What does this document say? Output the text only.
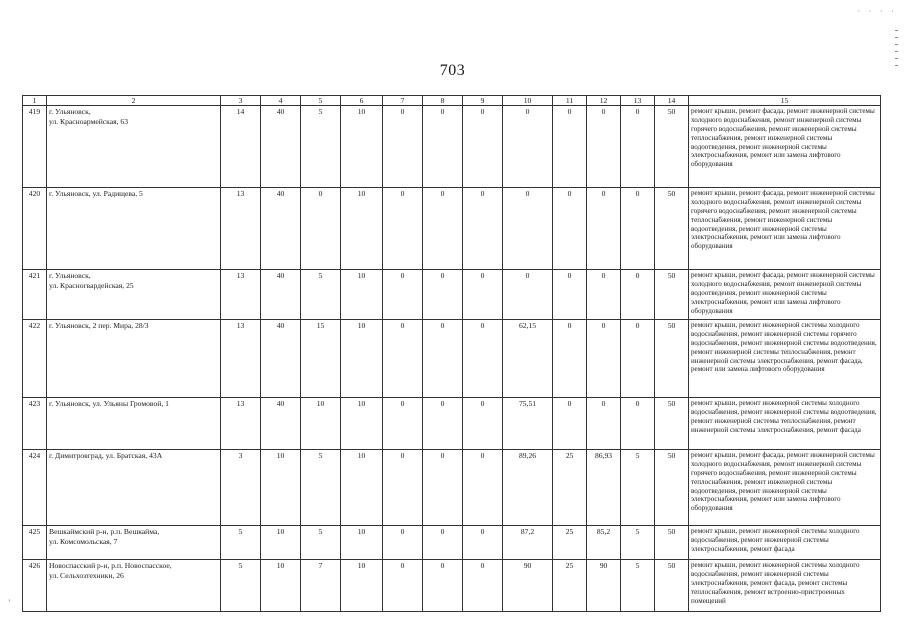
· · · ·
703
1	2	3	4	5	6	7	8	9	10	11	12	13	14	15
419	г. Ульяновск,
ул. Красноармейская, 63	14	40	5	10	0	0	0	0	0	0	0	50	ремонт крыши, ремонт фасада, ремонт инженерной системы холодного водоснабжения, ремонт инженерной системы горячего водоснабжения, ремонт инженерной системы теплоснабжения, ремонт инженерной системы водоотведения, ремонт инженерной системы электроснабжения, ремонт или замена лифтового оборудования
420	г. Ульяновск, ул. Радищева, 5	13	40	0	10	0	0	0	0	0	0	0	50	ремонт крыши, ремонт фасада, ремонт инженерной системы холодного водоснабжения, ремонт инженерной системы горячего водоснабжения, ремонт инженерной системы теплоснабжения, ремонт инженерной системы водоотведения, ремонт инженерной системы электроснабжения, ремонт или замена лифтового оборудования
421	г. Ульяновск,
ул. Красногвардейская, 25	13	40	5	10	0	0	0	0	0	0	0	50	ремонт крыши, ремонт фасада, ремонт инженерной системы холодного водоснабжения, ремонт инженерной системы водоотведения, ремонт инженерной системы электроснабжения, ремонт или замена лифтового оборудования
422	г. Ульяновск, 2 пер. Мира, 28/3	13	40	15	10	0	0	0	62,15	0	0	0	50	ремонт крыши, ремонт инженерной системы холодного водоснабжения, ремонт инженерной системы горячего водоснабжения, ремонт инженерной системы водоотведения, ремонт инженерной системы теплоснабжения, ремонт инженерной системы электроснабжения, ремонт фасада, ремонт или замена лифтового оборудования
423	г. Ульяновск, ул. Ульяны Громовой, 1	13	40	10	10	0	0	0	75,51	0	0	0	50	ремонт крыши, ремонт инженерной системы холодного водоснабжения, ремонт инженерной системы водоотведения, ремонт инженерной системы теплоснабжения, ремонт инженерной системы электроснабжения, ремонт фасада
424	г. Димитровград, ул. Братская, 43А	3	10	5	10	0	0	0	89,26	25	86,93	5	50	ремонт крыши, ремонт фасада, ремонт инженерной системы холодного водоснабжения, ремонт инженерной системы горячего водоснабжения, ремонт инженерной системы теплоснабжения, ремонт инженерной системы водоотведения, ремонт инженерной системы электроснабжения, ремонт или замена лифтового оборудования
425	Вешкаймский р-н, р.п. Вешкайма,
ул. Комсомольская, 7	5	10	5	10	0	0	0	87,2	25	85,2	5	50	ремонт крыши, ремонт инженерной системы холодного водоснабжения, ремонт инженерной системы электроснабжения, ремонт фасада
426	Новоспасский р-н, р.п. Новоспасское,
ул. Сельхозтехники, 26	5	10	7	10	0	0	0	90	25	90	5	50	ремонт крыши, ремонт инженерной системы холодного водоснабжения, ремонт инженерной системы электроснабжения, ремонт фасада, ремонт системы теплоснабжения, ремонт встроенно-пристроенных помещений
’
